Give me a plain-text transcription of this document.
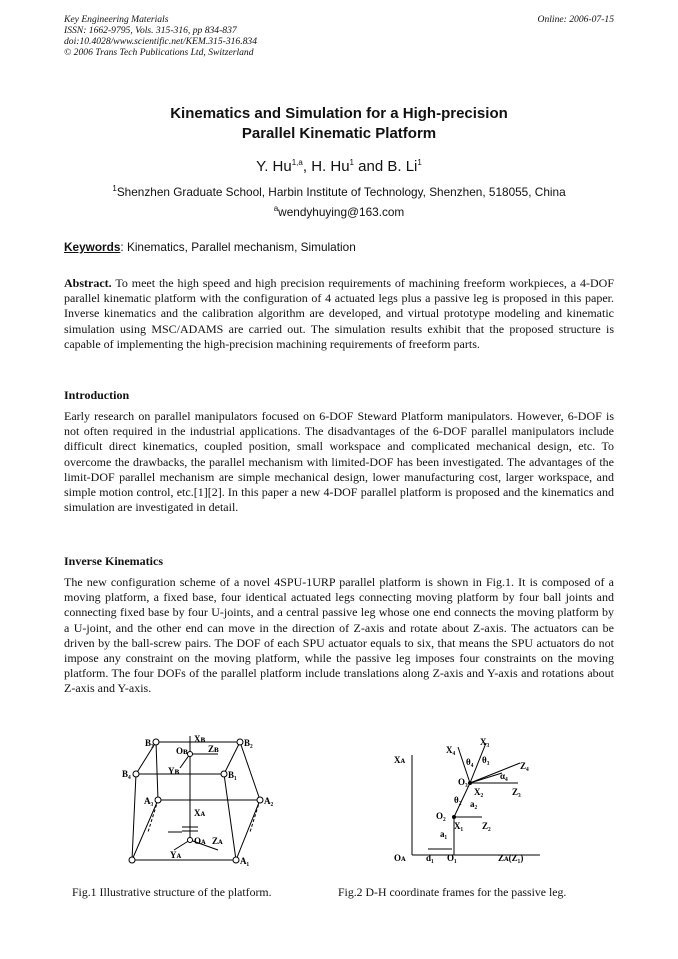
Key Engineering Materials
ISSN: 1662-9795, Vols. 315-316, pp 834-837
doi:10.4028/www.scientific.net/KEM.315-316.834
© 2006 Trans Tech Publications Ltd, Switzerland
Online: 2006-07-15
Kinematics and Simulation for a High-precision
Parallel Kinematic Platform
Y. Hu$^{1,a}$, H. Hu$^1$ and B. Li$^1$
$^1$Shenzhen Graduate School, Harbin Institute of Technology, Shenzhen, 518055, China
$^a$wendyhuying@163.com
Keywords: Kinematics, Parallel mechanism, Simulation
Abstract. To meet the high speed and high precision requirements of machining freeform workpieces, a 4-DOF parallel kinematic platform with the configuration of 4 actuated legs plus a passive leg is proposed in this paper. Inverse kinematics and the calibration algorithm are developed, and virtual prototype modeling and kinematic simulation using MSC/ADAMS are carried out. The simulation results exhibit that the proposed structure is capable of implementing the high-precision machining requirements of freeform parts.
Introduction
Early research on parallel manipulators focused on 6-DOF Steward Platform manipulators. However, 6-DOF is not often required in the industrial applications. The disadvantages of the 6-DOF parallel manipulators include difficult direct kinematics, coupled position, small workspace and complicated mechanical design, etc. To overcome the drawbacks, the parallel mechanism with limited-DOF has been investigated. The advantages of the limit-DOF parallel mechanism are simple mechanical design, lower manufacturing cost, larger workspace, and simple motion control, etc.[1][2]. In this paper a new 4-DOF parallel platform is proposed and the kinematics and simulation are investigated in detail.
Inverse Kinematics
The new configuration scheme of a novel 4SPU-1URP parallel platform is shown in Fig.1. It is composed of a moving platform, a fixed base, four identical actuated legs connecting moving platform by four ball joints and connecting fixed base by four U-joints, and a central passive leg whose one end connects the moving platform by a U-joint, and the other end can move in the direction of Z-axis and rotate about Z-axis. The actuators can be driven by the ball-screw pairs. The DOF of each SPU actuator equals to six, that means the SPU actuators do not impose any constraint on the moving platform, while the passive leg imposes four constraints on the moving platform. The four DOFs of the parallel platform include translations along Z-axis and Y-axis and rotations about Z-axis and Y-axis.
B₃	B₂
B₄	B₁
A₃	A₂
A₁
Oʙ
Xʙ
Zʙ
Yʙ
Xᴀ
Oᴀ Zᴀ
Yᴀ
Fig.1 Illustrative structure of the platform.
Xᴀ
Oᴀ d₁ O₁	Zᴀ(Z₁)
O₂
X₁ Z₂
a₁
θ₂ a₂
X₂
O₃
Z₃
X₄
X₃
θ₄ θ₃
α₄
Z₄
Fig.2 D-H coordinate frames for the passive leg.
